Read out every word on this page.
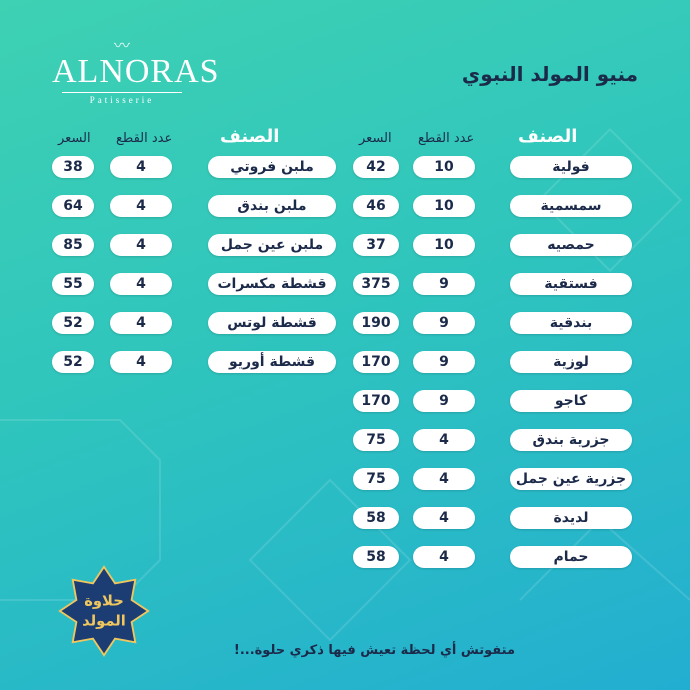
〰
ALNORAS
Patisserie
منيو المولد النبوي
الصنف
عدد القطع
السعر
الصنف
عدد القطع
السعر
فولية
10
42
سمسمية
10
46
حمصيه
10
37
فستقية
9
375
بندقية
9
190
لوزية
9
170
كاجو
9
170
جزرية بندق
4
75
جزرية عين جمل
4
75
لديدة
4
58
حمام
4
58
ملبن فروتي
4
38
ملبن بندق
4
64
ملبن عين جمل
4
85
قشطة مكسرات
4
55
قشطة لوتس
4
52
قشطة أوريو
4
52
حلاوة
المولد
متفوتش أي لحظة تعيش فيها ذكري حلوة...!
